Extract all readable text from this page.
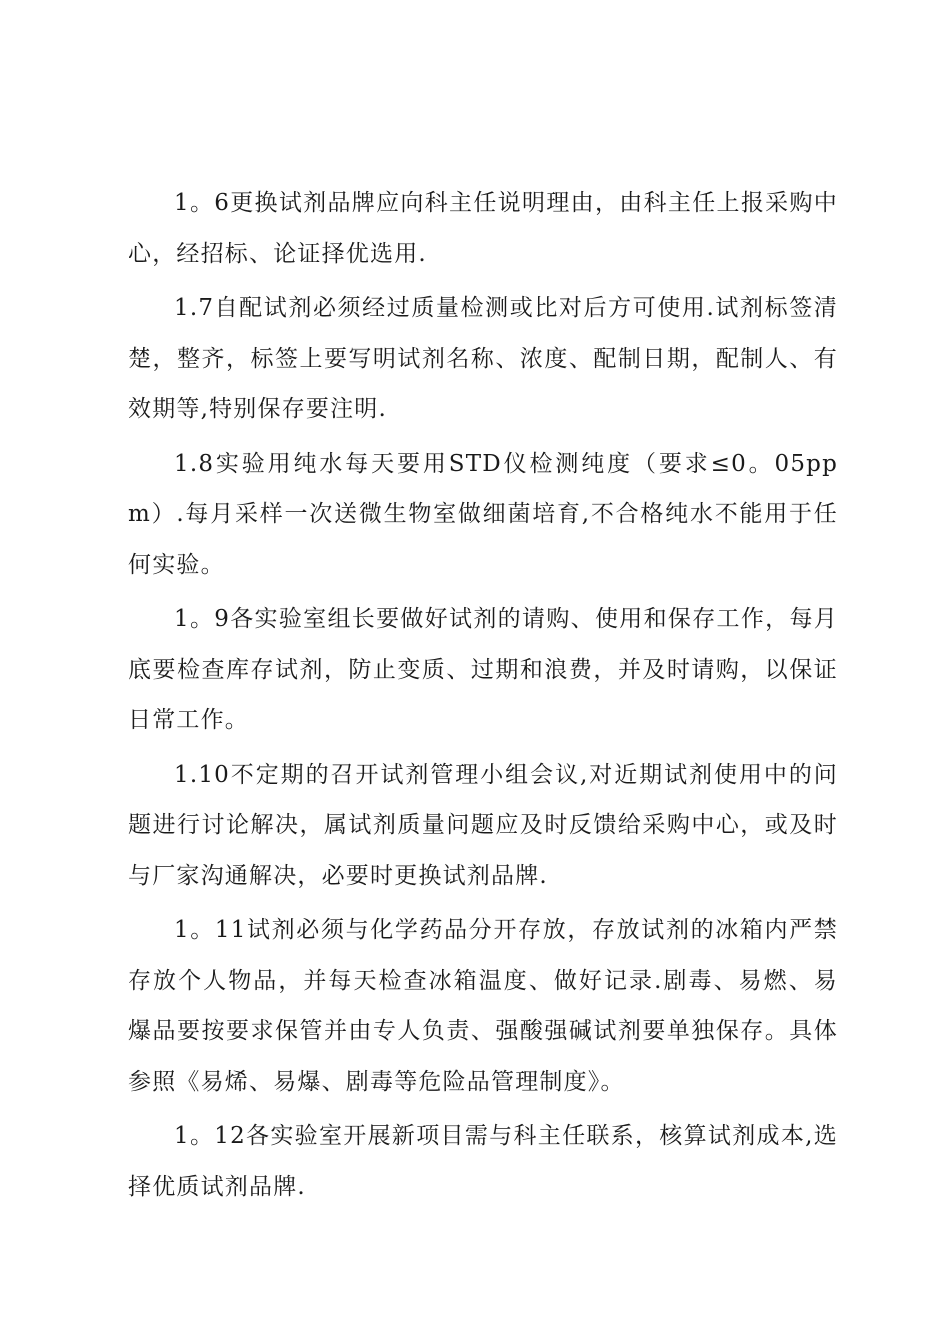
1。6更换试剂品牌应向科主任说明理由，由科主任上报采购中心，经招标、论证择优选用.

1.7自配试剂必须经过质量检测或比对后方可使用.试剂标签清楚，整齐，标签上要写明试剂名称、浓度、配制日期，配制人、有效期等,特别保存要注明.

1.8实验用纯水每天要用STD仪检测纯度（要求≤0。05ppm）.每月采样一次送微生物室做细菌培育,不合格纯水不能用于任何实验。

1。9各实验室组长要做好试剂的请购、使用和保存工作，每月底要检查库存试剂，防止变质、过期和浪费，并及时请购，以保证日常工作。

1.10不定期的召开试剂管理小组会议,对近期试剂使用中的问题进行讨论解决，属试剂质量问题应及时反馈给采购中心，或及时与厂家沟通解决，必要时更换试剂品牌.

1。11试剂必须与化学药品分开存放，存放试剂的冰箱内严禁存放个人物品，并每天检查冰箱温度、做好记录.剧毒、易燃、易爆品要按要求保管并由专人负责、强酸强碱试剂要单独保存。具体参照《易烯、易爆、剧毒等危险品管理制度》。

1。12各实验室开展新项目需与科主任联系，核算试剂成本,选择优质试剂品牌.
